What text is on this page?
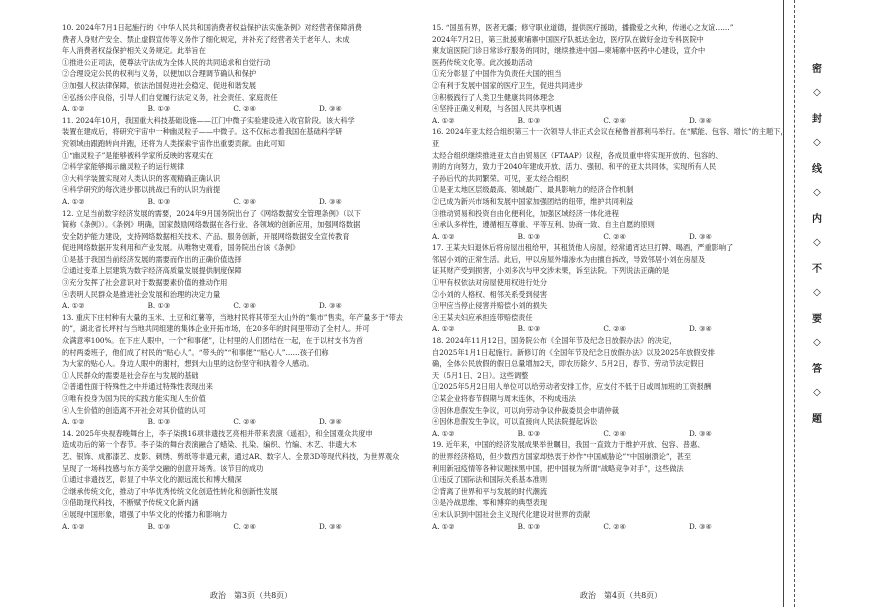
10. 2024年7月1日起施行的《中华人民共和国消费者权益保护法实施条例》对经营者保障消费

费者人身财产安全、禁止虚假宣传等义务作了细化规定，并补充了经营者关于老年人、未成

年人消费者权益保护相关义务规定。此举旨在

①推进公正司法，使尊法守法成为全体人民的共同追求和自觉行动

②合理设定公民的权利与义务，以便加以合理调节确认和保护

③加强人权法律保障，依法治国促进社会稳定、促进和谐发展

④弘扬公序良俗，引导人们自觉履行法定义务，社会责任、家庭责任

A. ①②	B. ①③	C. ②④	D. ③④

11. 2024年10月，我国重大科技基础设施——江门中微子实验建设进入收官阶段。该大科学

装置在建成后，将研究宇宙中一种幽灵粒子——中微子。这不仅标志着我国在基础科学研

究领域由跟跑转向并跑，还将为人类探索宇宙作出重要贡献。由此可知

①“幽灵粒子”是能够被科学家所反映的客观实在

②科学家能够揭示幽灵粒子的运行规律

③大科学装置实现对人类认识的客观精确正确认识

④科学研究的每次进步都以挑战已有的认识为前提

A. ①②	B. ①③	C. ②④	D. ③④

12. 立足当前数字经济发展的需要，2024年9月国务院出台了《网络数据安全管理条例》（以下

简称《条例》）。《条例》明确，国家鼓励网络数据在各行业、各领域的创新应用，加强网络数据

安全防护能力建设，支持网络数据相关技术、产品、服务创新，开展网络数据安全宣传教育

促进网络数据开发利用和产业发展。从唯物史观看，国务院出台该《条例》

①是基于我国当前经济发展的需要而作出的正确价值选择

②通过变革上层建筑为数字经济高质量发展提供制度保障

③充分发挥了社会意识对于数据要素价值的推动作用

④表明人民群众是推进社会发展和治理的决定力量

A. ①②	B. ①③	C. ②④	D. ③④

13. 重庆下庄村种有大量的玉米、土豆和红薯等，当地村民将其带至大山外的“集市”售卖，年产量多于“带去

的”，湖北省长坪村与当地共同组建的集体企业开拓市场，在20多年的时间里带动了全村人。并可

众满意率100%。在下庄人眼中，一个“和事佬”，让村里的人们团结在一起，在于以村支书为首

的村两委班子，他们成了村民的“贴心人”。“带头的”“和事佬”“贴心人”……孩子们称

为大家的贴心人。身边人眼中的谢村，想到大山里的这份坚守和执着令人感动。

①人民群众的需要是社会存在与发展的基础

②普通性面于特殊性之中并通过特殊性表现出来

③唯有投身为国为民的实践方能实现人生价值

④人生价值的创造离不开社会对其价值的认可

A. ①②	B. ①③	C. ②④	D. ③④

14. 2025年央视春晚舞台上，李子柒携16项非遗技艺亮相并带来表演《遥祖》，和全国观众共度申

造成功后的第一个春节。李子柒的舞台表演融合了蜡染、扎染、编织、竹编、木艺、非遗大木

艺、银饰、成都漆艺、皮影、刺绣、剪纸等非遗元素，通过AR、数字人、全景3D等现代科技，为世界观众

呈现了一场科技感与东方美学交融的创意开场秀。该节目的成功

①通过非遗技艺，彰显了中华文化的源远流长和博大精深

②继承传统文化，推动了中华优秀传统文化创造性转化和创新性发展

③借助现代科技，不断赋予传统文化新内涵

④展现中国形象，增强了中华文化的传播力和影响力

A. ①②	B. ①③	C. ②④	D. ③④

15. “国虽有界，医者无疆；修守职业道德，提供医疗援助，播撒爱之火种，传递心之友谊……”

2024年7月2日，第三批援柬埔寨中国医疗队抵达金边，医疗队在做好金边专科医院中

柬友谊医院门诊日常诊疗服务的同时，继续推进中国—柬埔寨中医药中心建设，宣介中

医药传统文化等。此次援助活动

①充分彰显了中国作为负责任大国的担当

②有利于发展中国家的医疗卫生，促进共同进步

③积极践行了人类卫生健康共同体理念

④坚持正确义利观，与各国人民共享机遇

A. ①②	B. ①③	C. ②④	D. ③④

16. 2024年亚太经合组织第三十一次领导人非正式会议在秘鲁首都利马举行。在“赋能、包容、增长”的主题下，亚

太经合组织继续推进亚太自由贸易区（FTAAP）议程，各成员重申将实现开放的、包容的、

则的方向努力，致力于2040年建成开放、活力、强韧、和平的亚太共同体，实现所有人民

子孙后代的共同繁荣。可见，亚太经合组织

①是亚太地区层级最高、领域最广、最具影响力的经济合作机制

②已成为新兴市场和发展中国家加强团结的纽带，维护共同利益

③推动贸易和投资自由化便利化，加强区域经济一体化进程

④承认多样性，遵循相互尊重、平等互利、协商一致、自主自愿的原则

A. ①②	B. ①③	C. ②④	D. ③④

17. 王某夫妇退休后将房屋出租给甲，其租赁他人房屋，经常通宵达旦打牌、喝酒，严重影响了

邻居小刘的正常生活。此后，甲以房屋外墙渗水为由擅自拆改，导致邻居小刘在房屋及

证其财产受到损害，小刘多次与甲交涉未果，诉至法院。下列说法正确的是

①甲有权依法对房屋使用权进行处分

②小刘的人格权、相邻关系受到侵害

③甲应当停止侵害并赔偿小刘的损失

④王某夫妇应承担连带赔偿责任

A. ①②	B. ①③	C. ②④	D. ③④

18. 2024年11月12日，国务院公布《全国年节及纪念日放假办法》的决定，

自2025年1月1日起施行。新修订的《全国年节及纪念日放假办法》以及2025年放假安排

确，全体公民放假的假日总量增加2天，即农历除夕、5月2日，春节、劳动节法定假日

天（5月1日、2日）。这些调整

①2025年5月2日用人单位可以给劳动者安排工作，应支付不低于日或周加班的工资报酬

②某企业将春节假期与周末连休，不构成违法

③因休息假发生争议，可以向劳动争议仲裁委员会申请仲裁

④因休息假发生争议，可以直接向人民法院提起诉讼

A. ①②	B. ①③	C. ②④	D. ③④

19. 近年来，中国的经济发展成果举世瞩目，我国一直致力于维护开放、包容、普惠、

的世界经济格局，但少数西方国家却热衷于炒作“中国威胁论”“中国崩溃论”，甚至

利用新冠疫情等各种议题抹黑中国，把中国视为所谓“战略竞争对手”，这些做法

①违反了国际法和国际关系基本准则

②背离了世界和平与发展的时代潮流

③是冷战思维、零和博弈的典型表现

④未认识到中国社会主义现代化建设对世界的贡献

A. ①②	B. ①③	C. ②④	D. ③④

政治　第3页（共8页）	政治　第4页（共8页）
密
◇
封
◇
线
◇
内
◇
不
◇
要
◇
答
◇
题
